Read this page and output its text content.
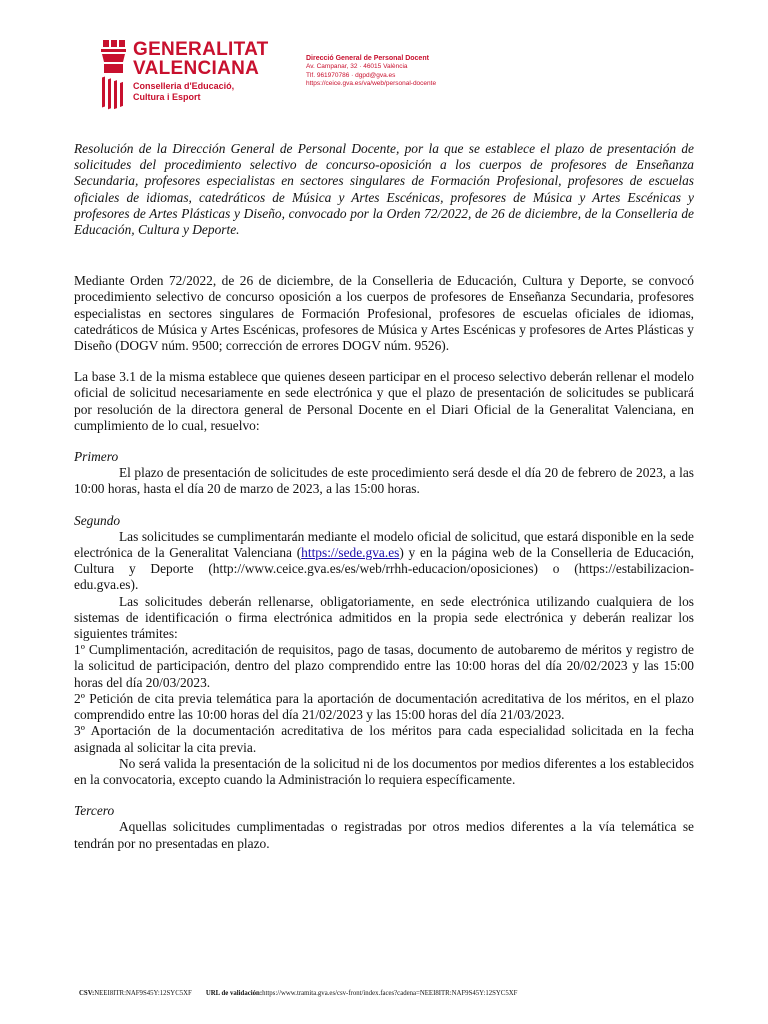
GENERALITAT
VALENCIANA
Conselleria d'Educació,
Cultura i Esport
Direcció General de Personal Docent
Av. Campanar, 32 · 46015 València
Tlf. 961970786 · dgpd@gva.es
https://ceice.gva.es/va/web/personal-docente

Resolución de la Dirección General de Personal Docente, por la que se establece el plazo de presentación de solicitudes del procedimiento selectivo de concurso-oposición a los cuerpos de profesores de Enseñanza Secundaria, profesores especialistas en sectores singulares de Formación Profesional, profesores de escuelas oficiales de idiomas, catedráticos de Música y Artes Escénicas, profesores de Música y Artes Escénicas y profesores de Artes Plásticas y Diseño, convocado por la Orden 72/2022, de 26 de diciembre, de la Conselleria de Educación, Cultura y Deporte.

Mediante Orden 72/2022, de 26 de diciembre, de la Conselleria de Educación, Cultura y Deporte, se convocó procedimiento selectivo de concurso oposición a los cuerpos de profesores de Enseñanza Secundaria, profesores especialistas en sectores singulares de Formación Profesional, profesores de escuelas oficiales de idiomas, catedráticos de Música y Artes Escénicas, profesores de Música y Artes Escénicas y profesores de Artes Plásticas y Diseño (DOGV núm. 9500; corrección de errores DOGV núm. 9526).

La base 3.1 de la misma establece que quienes deseen participar en el proceso selectivo deberán rellenar el modelo oficial de solicitud necesariamente en sede electrónica y que el plazo de presentación de solicitudes se publicará por resolución de la directora general de Personal Docente en el Diari Oficial de la Generalitat Valenciana, en cumplimiento de lo cual, resuelvo:

Primero

El plazo de presentación de solicitudes de este procedimiento será desde el día 20 de febrero de 2023, a las 10:00 horas, hasta el día 20 de marzo de 2023, a las 15:00 horas.

Segundo

Las solicitudes se cumplimentarán mediante el modelo oficial de solicitud, que estará disponible en la sede electrónica de la Generalitat Valenciana (https://sede.gva.es) y en la página web de la Conselleria de Educación, Cultura y Deporte (http://www.ceice.gva.es/es/web/rrhh-educacion/oposiciones) o (https://estabilizacion-edu.gva.es).

Las solicitudes deberán rellenarse, obligatoriamente, en sede electrónica utilizando cualquiera de los sistemas de identificación o firma electrónica admitidos en la propia sede electrónica y deberán realizar los siguientes trámites:

1º Cumplimentación, acreditación de requisitos, pago de tasas, documento de autobaremo de méritos y registro de la solicitud de participación, dentro del plazo comprendido entre las 10:00 horas del día 20/02/2023 y las 15:00 horas del día 20/03/2023.

2º Petición de cita previa telemática para la aportación de documentación acreditativa de los méritos, en el plazo comprendido entre las 10:00 horas del día 21/02/2023 y las 15:00 horas del día 21/03/2023.

3º Aportación de la documentación acreditativa de los méritos para cada especialidad solicitada en la fecha asignada al solicitar la cita previa.

No será valida la presentación de la solicitud ni de los documentos por medios diferentes a los establecidos en la convocatoria, excepto cuando la Administración lo requiera específicamente.

Tercero

Aquellas solicitudes cumplimentadas o registradas por otros medios diferentes a la vía telemática se tendrán por no presentadas en plazo.

CSV:NEEI8ITR:NAF9S45Y:12SYC5XF URL de validación:https://www.tramita.gva.es/csv-front/index.faces?cadena=NEEI8ITR:NAF9S45Y:12SYC5XF
